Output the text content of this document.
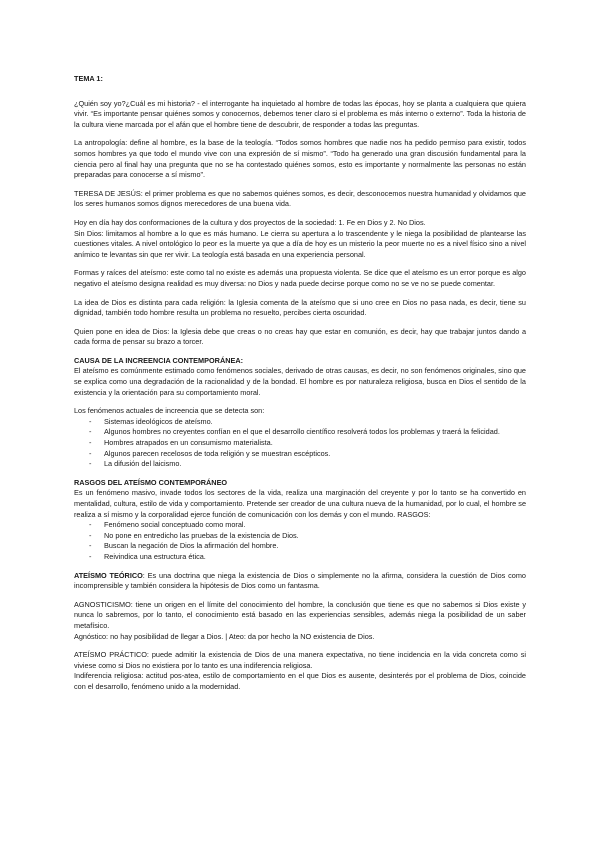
TEMA 1:

¿Quién soy yo?¿Cuál es mi historia? - el interrogante ha inquietado al hombre de todas las épocas, hoy se planta a cualquiera que quiera vivir. “Es importante pensar quiénes somos y conocernos, debemos tener claro si el problema es más interno o externo”. Toda la historia de la cultura viene marcada por el afán que el hombre tiene de descubrir, de responder a todas las preguntas.

La antropología: define al hombre, es la base de la teología. “Todos somos hombres que nadie nos ha pedido permiso para existir, todos somos hombres ya que todo el mundo vive con una expresión de sí mismo”. “Todo ha generado una gran discusión fundamental para la ciencia pero al final hay una pregunta que no se ha contestado quiénes somos, esto es importante y normalmente las personas no están preparadas para conocerse a sí mismo”.

TERESA DE JESÚS: el primer problema es que no sabemos quiénes somos, es decir, desconocemos nuestra humanidad y olvidamos que los seres humanos somos dignos merecedores de una buena vida.

Hoy en día hay dos conformaciones de la cultura y dos proyectos de la sociedad: 1. Fe en Dios y 2. No Dios.

Sin Dios: limitamos al hombre a lo que es más humano. Le cierra su apertura a lo trascendente y le niega la posibilidad de plantearse las cuestiones vitales. A nivel ontológico lo peor es la muerte ya que a día de hoy es un misterio la peor muerte no es a nivel físico sino a nivel anímico te levantas sin que rer vivir. La teología está basada en una experiencia personal.

Formas y raíces del ateísmo: este como tal no existe es además una propuesta violenta. Se dice que el ateísmo es un error porque es algo negativo el ateísmo designa realidad es muy diversa: no Dios y nada puede decirse porque como no se ve no se puede comentar.

La idea de Dios es distinta para cada religión: la Iglesia comenta de la ateísmo que si uno cree en Dios no pasa nada, es decir, tiene su dignidad, también todo hombre resulta un problema no resuelto, percibes cierta oscuridad.

Quien pone en idea de Dios: la Iglesia debe que creas o no creas hay que estar en comunión, es decir, hay que trabajar juntos dando a cada forma de pensar su brazo a torcer.

CAUSA DE LA INCREENCIA CONTEMPORÁNEA:

El ateísmo es comúnmente estimado como fenómenos sociales, derivado de otras causas, es decir, no son fenómenos originales, sino que se explica como una degradación de la racionalidad y de la bondad. El hombre es por naturaleza religiosa, busca en Dios el sentido de la existencia y la orientación para su comportamiento moral.

Los fenómenos actuales de increencia que se detecta son:

- Sistemas ideológicos de ateísmo.
- Algunos hombres no creyentes confían en el que el desarrollo científico resolverá todos los problemas y traerá la felicidad.
- Hombres atrapados en un consumismo materialista.
- Algunos parecen recelosos de toda religión y se muestran escépticos.
- La difusión del laicismo.

RASGOS DEL ATEÍSMO CONTEMPORÁNEO

Es un fenómeno masivo, invade todos los sectores de la vida, realiza una marginación del creyente y por lo tanto se ha convertido en mentalidad, cultura, estilo de vida y comportamiento. Pretende ser creador de una cultura nueva de la humanidad, por lo cual, el hombre se realiza a sí mismo y la corporalidad ejerce función de comunicación con los demás y con el mundo. RASGOS:

- Fenómeno social conceptuado como moral.
- No pone en entredicho las pruebas de la existencia de Dios.
- Buscan la negación de Dios la afirmación del hombre.
- Reivindica una estructura ética.

ATEÍSMO TEÓRICO: Es una doctrina que niega la existencia de Dios o simplemente no la afirma, considera la cuestión de Dios como incomprensible y también considera la hipótesis de Dios como un fantasma.

AGNOSTICISMO: tiene un origen en el límite del conocimiento del hombre, la conclusión que tiene es que no sabemos si Dios existe y nunca lo sabremos, por lo tanto, el conocimiento está basado en las experiencias sensibles, además niega la posibilidad de un saber metafísico.

Agnóstico: no hay posibilidad de llegar a Dios. | Ateo: da por hecho la NO existencia de Dios.

ATEÍSMO PRÁCTICO: puede admitir la existencia de Dios de una manera expectativa, no tiene incidencia en la vida concreta como si viviese como si Dios no existiera por lo tanto es una indiferencia religiosa.

Indiferencia religiosa: actitud pos-atea, estilo de comportamiento en el que Dios es ausente, desinterés por el problema de Dios, coincide con el desarrollo, fenómeno unido a la modernidad.
